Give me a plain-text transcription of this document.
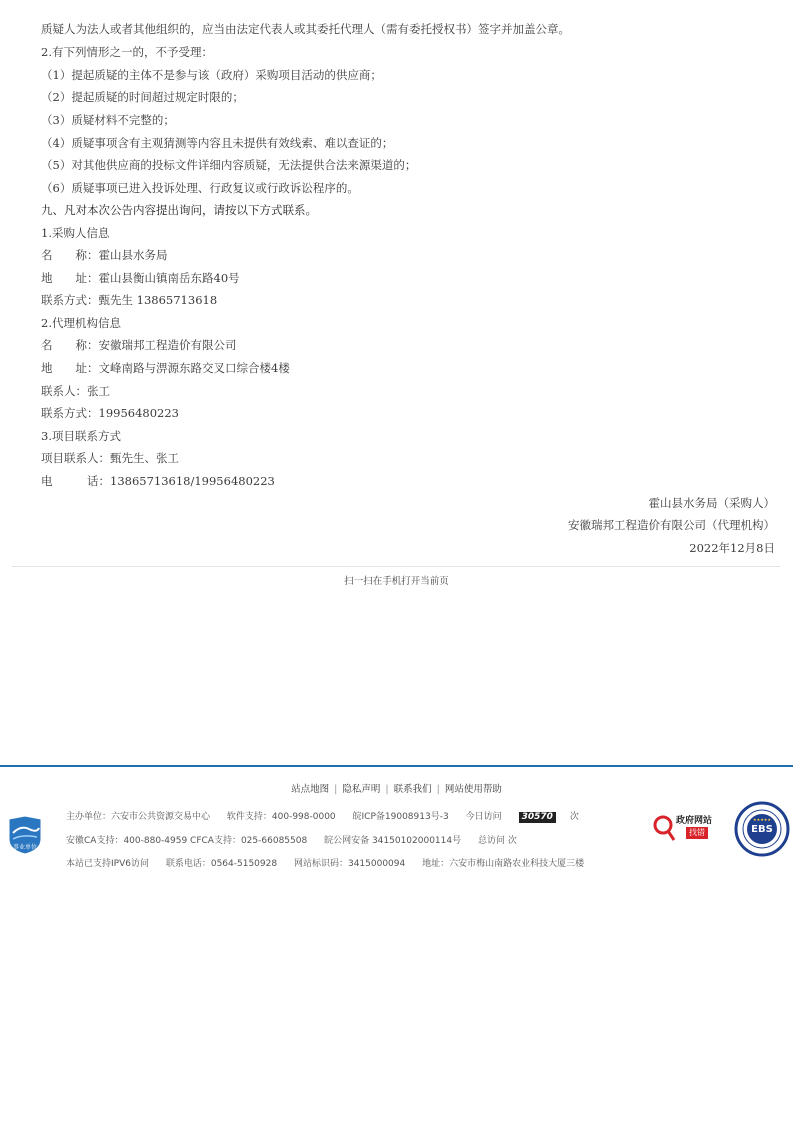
质疑人为法人或者其他组织的，应当由法定代表人或其委托代理人（需有委托授权书）签字并加盖公章。
2.有下列情形之一的，不予受理：
（1）提起质疑的主体不是参与该（政府）采购项目活动的供应商；
（2）提起质疑的时间超过规定时限的；
（3）质疑材料不完整的；
（4）质疑事项含有主观猜测等内容且未提供有效线索、难以查证的；
（5）对其他供应商的投标文件详细内容质疑，无法提供合法来源渠道的；
（6）质疑事项已进入投诉处理、行政复议或行政诉讼程序的。
九、凡对本次公告内容提出询问，请按以下方式联系。
1.采购人信息
名　　称：霍山县水务局
地　　址：霍山县衡山镇南岳东路40号
联系方式：甄先生 13865713618
2.代理机构信息
名　　称：安徽瑞邦工程造价有限公司
地　　址：文峰南路与淠源东路交叉口综合楼4楼
联系人：张工
联系方式：19956480223
3.项目联系方式
项目联系人：甄先生、张工
电　　　话：13865713618/19956480223
霍山县水务局（采购人）
安徽瑞邦工程造价有限公司（代理机构）
2022年12月8日
扫一扫在手机打开当前页
站点地图 | 隐私声明 | 联系我们 | 网站使用帮助
事业单位
主办单位：六安市公共资源交易中心 软件支持：400-998-0000 皖ICP备19008913号-3 今日访问 30570 次
安徽CA支持：400-880-4959 CFCA支持：025-66085508 皖公网安备 34150102000114号 总访问 次
本站已支持IPV6访问 联系电话：0564-5150928 网站标识码：3415000094 地址：六安市梅山南路农业科技大厦三楼
政府网站
找错
★★★★★
EBS
